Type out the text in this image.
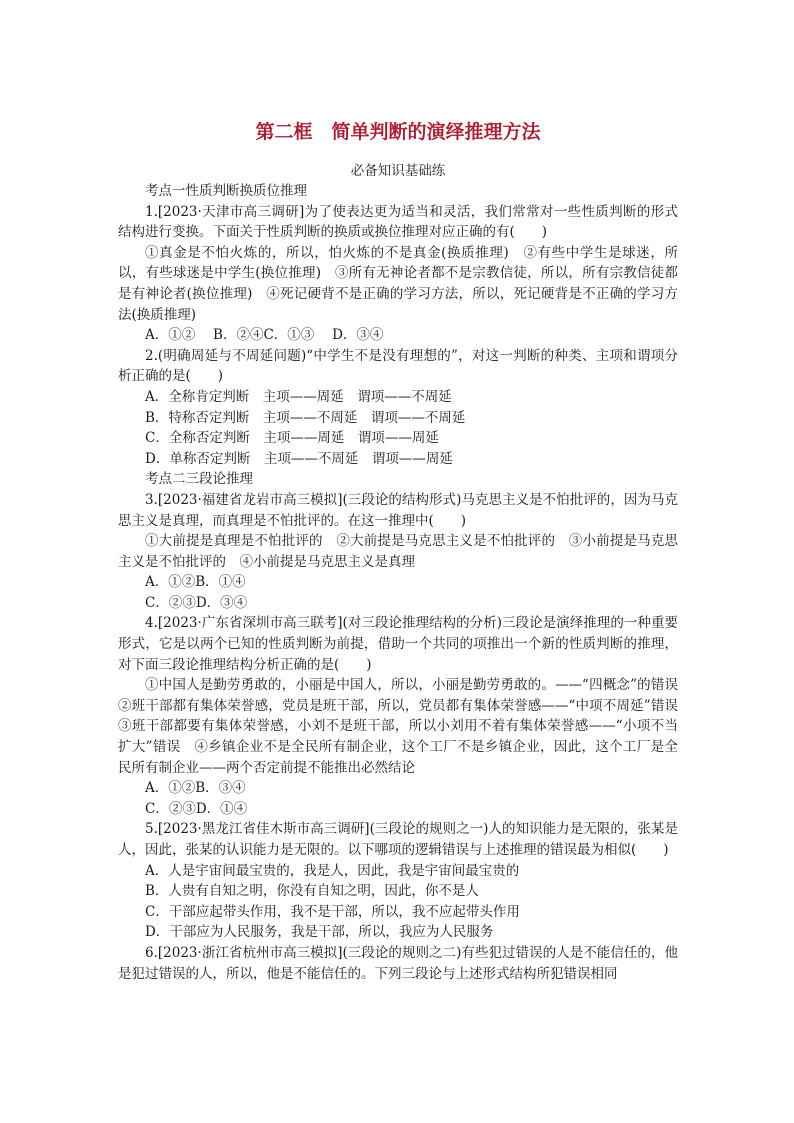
第二框　简单判断的演绎推理方法
必备知识基础练

考点一性质判断换质位推理

1.[2023·天津市高三调研]为了使表达更为适当和灵活，我们常常对一些性质判断的形式结构进行变换。下面关于性质判断的换质或换位推理对应正确的有(　　)

①真金是不怕火炼的，所以，怕火炼的不是真金(换质推理)　②有些中学生是球迷，所以，有些球迷是中学生(换位推理)　③所有无神论者都不是宗教信徒，所以，所有宗教信徒都是有神论者(换位推理)　④死记硬背不是正确的学习方法，所以，死记硬背是不正确的学习方法(换质推理)

A．①②　 B．②④C．①③　 D．③④

2.(明确周延与不周延问题)“中学生不是没有理想的”，对这一判断的种类、主项和谓项分析正确的是(　　)

A．全称肯定判断　主项——周延　谓项——不周延

B．特称否定判断　主项——不周延　谓项——不周延

C．全称否定判断　主项——周延　谓项——周延

D．单称否定判断　主项——不周延　谓项——周延

考点二三段论推理

3.[2023·福建省龙岩市高三模拟](三段论的结构形式)马克思主义是不怕批评的，因为马克思主义是真理，而真理是不怕批评的。在这一推理中(　　)

①大前提是真理是不怕批评的　②大前提是马克思主义是不怕批评的　③小前提是马克思主义是不怕批评的　④小前提是马克思主义是真理

A．①②B．①④

C．②③D．③④

4.[2023·广东省深圳市高三联考](对三段论推理结构的分析)三段论是演绎推理的一种重要形式，它是以两个已知的性质判断为前提，借助一个共同的项推出一个新的性质判断的推理，对下面三段论推理结构分析正确的是(　　)

①中国人是勤劳勇敢的，小丽是中国人，所以，小丽是勤劳勇敢的。——“四概念”的错误　②班干部都有集体荣誉感，党员是班干部，所以，党员都有集体荣誉感——“中项不周延”错误　③班干部都要有集体荣誉感，小刘不是班干部，所以小刘用不着有集体荣誉感——“小项不当扩大”错误　④乡镇企业不是全民所有制企业，这个工厂不是乡镇企业，因此，这个工厂是全民所有制企业——两个否定前提不能推出必然结论

A．①②B．③④

C．②③D．①④

5.[2023·黑龙江省佳木斯市高三调研](三段论的规则之一)人的知识能力是无限的，张某是人，因此，张某的认识能力是无限的。以下哪项的逻辑错误与上述推理的错误最为相似(　　)

A．人是宇宙间最宝贵的，我是人，因此，我是宇宙间最宝贵的

B．人贵有自知之明，你没有自知之明，因此，你不是人

C．干部应起带头作用，我不是干部，所以，我不应起带头作用

D．干部应为人民服务，我是干部，所以，我应为人民服务

6.[2023·浙江省杭州市高三模拟](三段论的规则之二)有些犯过错误的人是不能信任的，他是犯过错误的人，所以，他是不能信任的。下列三段论与上述形式结构所犯错误相同
